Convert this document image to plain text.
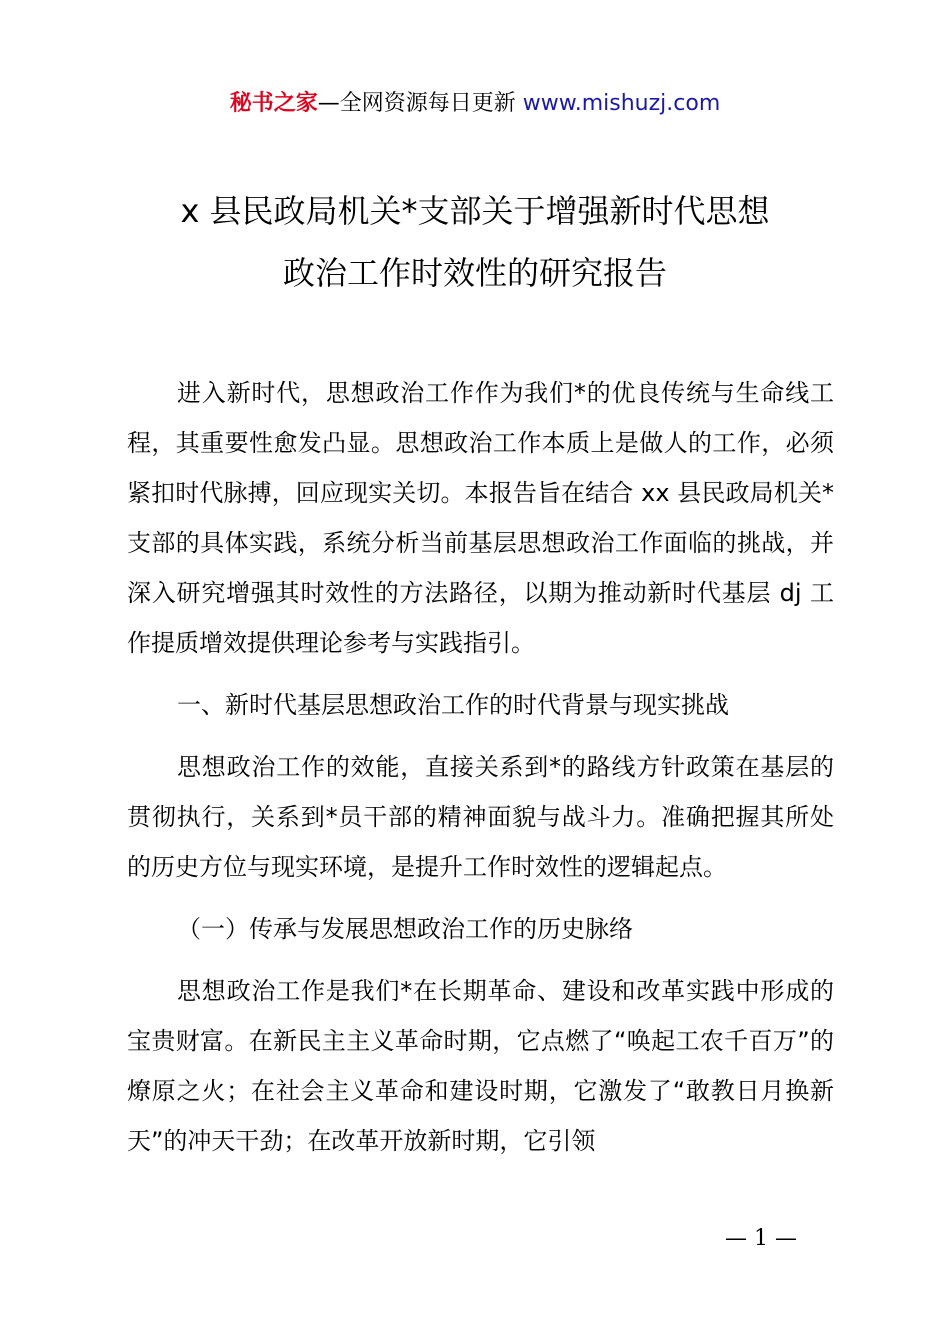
秘书之家—全网资源每日更新 www.mishuzj.com
x 县民政局机关*支部关于增强新时代思想
政治工作时效性的研究报告

进入新时代，思想政治工作作为我们*的优良传统与生命线工程，其重要性愈发凸显。思想政治工作本质上是做人的工作，必须紧扣时代脉搏，回应现实关切。本报告旨在结合 xx 县民政局机关*支部的具体实践，系统分析当前基层思想政治工作面临的挑战，并深入研究增强其时效性的方法路径，以期为推动新时代基层 dj 工作提质增效提供理论参考与实践指引。

一、新时代基层思想政治工作的时代背景与现实挑战

思想政治工作的效能，直接关系到*的路线方针政策在基层的贯彻执行，关系到*员干部的精神面貌与战斗力。准确把握其所处的历史方位与现实环境，是提升工作时效性的逻辑起点。

（一）传承与发展思想政治工作的历史脉络

思想政治工作是我们*在长期革命、建设和改革实践中形成的宝贵财富。在新民主主义革命时期，它点燃了“唤起工农千百万”的燎原之火；在社会主义革命和建设时期，它激发了“敢教日月换新天”的冲天干劲；在改革开放新时期，它引领

— 1 —
